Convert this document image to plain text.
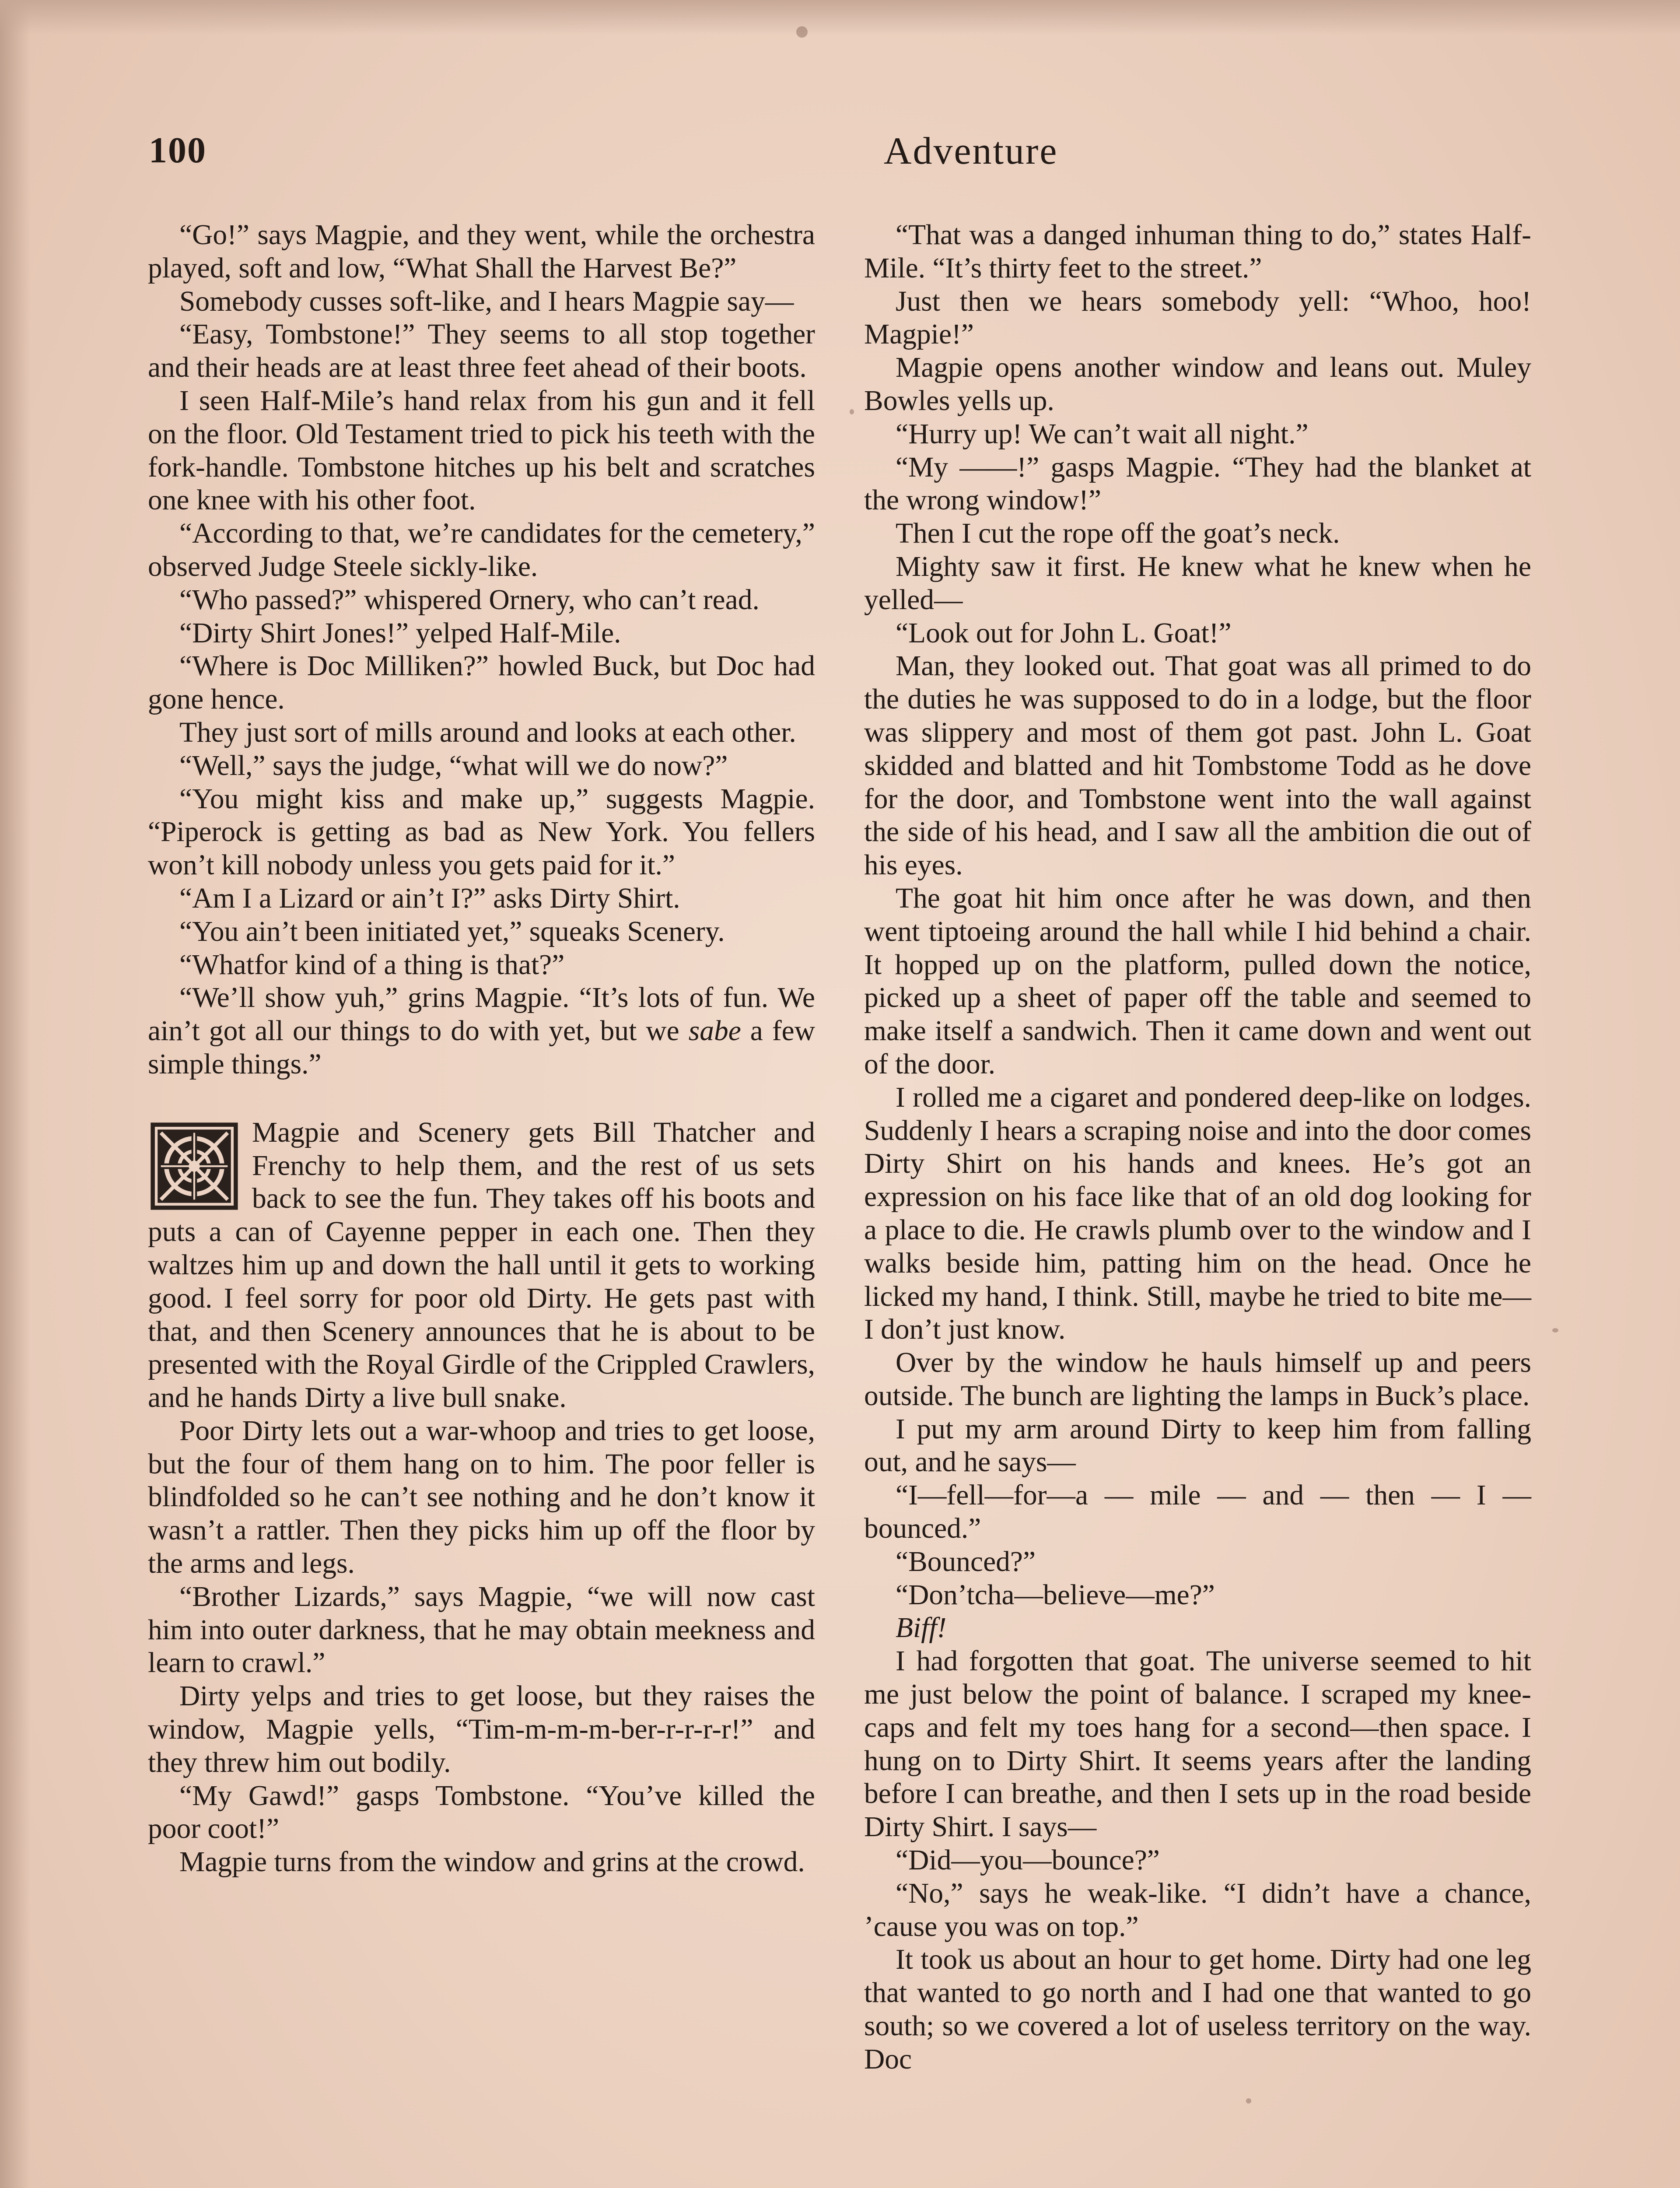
100	Adventure

“Go!” says Magpie, and they went, while the orchestra played, soft and low, “What Shall the Harvest Be?”

Somebody cusses soft-like, and I hears Magpie say—

“Easy, Tombstone!” They seems to all stop together and their heads are at least three feet ahead of their boots.

I seen Half-Mile’s hand relax from his gun and it fell on the floor. Old Testament tried to pick his teeth with the fork-handle. Tombstone hitches up his belt and scratches one knee with his other foot.

“According to that, we’re candidates for the cemetery,” observed Judge Steele sickly-like.

“Who passed?” whispered Ornery, who can’t read.

“Dirty Shirt Jones!” yelped Half-Mile.

“Where is Doc Milliken?” howled Buck, but Doc had gone hence.

They just sort of mills around and looks at each other.

“Well,” says the judge, “what will we do now?”

“You might kiss and make up,” suggests Magpie. “Piperock is getting as bad as New York. You fellers won’t kill nobody unless you gets paid for it.”

“Am I a Lizard or ain’t I?” asks Dirty Shirt.

“You ain’t been initiated yet,” squeaks Scenery.

“Whatfor kind of a thing is that?”

“We’ll show yuh,” grins Magpie. “It’s lots of fun. We ain’t got all our things to do with yet, but we sabe a few simple things.”

Magpie and Scenery gets Bill Thatcher and Frenchy to help them, and the rest of us sets back to see the fun. They takes off his boots and puts a can of Cayenne pepper in each one. Then they waltzes him up and down the hall until it gets to working good. I feel sorry for poor old Dirty. He gets past with that, and then Scenery announces that he is about to be presented with the Royal Girdle of the Crippled Crawlers, and he hands Dirty a live bull snake.

Poor Dirty lets out a war-whoop and tries to get loose, but the four of them hang on to him. The poor feller is blindfolded so he can’t see nothing and he don’t know it wasn’t a rattler. Then they picks him up off the floor by the arms and legs.

“Brother Lizards,” says Magpie, “we will now cast him into outer darkness, that he may obtain meekness and learn to crawl.”

Dirty yelps and tries to get loose, but they raises the window, Magpie yells, “Tim-m-m-m-ber-r-r-r-r!” and they threw him out bodily.

“My Gawd!” gasps Tombstone. “You’ve killed the poor coot!”

Magpie turns from the window and grins at the crowd.

“That was a danged inhuman thing to do,” states Half-Mile. “It’s thirty feet to the street.”

Just then we hears somebody yell: “Whoo, hoo! Magpie!”

Magpie opens another window and leans out. Muley Bowles yells up.

“Hurry up! We can’t wait all night.”

“My ——!” gasps Magpie. “They had the blanket at the wrong window!”

Then I cut the rope off the goat’s neck.

Mighty saw it first. He knew what he knew when he yelled—

“Look out for John L. Goat!”

Man, they looked out. That goat was all primed to do the duties he was supposed to do in a lodge, but the floor was slippery and most of them got past. John L. Goat skidded and blatted and hit Tombstome Todd as he dove for the door, and Tombstone went into the wall against the side of his head, and I saw all the ambition die out of his eyes.

The goat hit him once after he was down, and then went tiptoeing around the hall while I hid behind a chair. It hopped up on the platform, pulled down the notice, picked up a sheet of paper off the table and seemed to make itself a sandwich. Then it came down and went out of the door.

I rolled me a cigaret and pondered deep-like on lodges. Suddenly I hears a scraping noise and into the door comes Dirty Shirt on his hands and knees. He’s got an expression on his face like that of an old dog looking for a place to die. He crawls plumb over to the window and I walks beside him, patting him on the head. Once he licked my hand, I think. Still, maybe he tried to bite me—I don’t just know.

Over by the window he hauls himself up and peers outside. The bunch are lighting the lamps in Buck’s place.

I put my arm around Dirty to keep him from falling out, and he says—

“I—fell—for—a — mile — and — then — I — bounced.”

“Bounced?”

“Don’tcha—believe—me?”

Biff!

I had forgotten that goat. The universe seemed to hit me just below the point of balance. I scraped my knee-caps and felt my toes hang for a second—then space. I hung on to Dirty Shirt. It seems years after the landing before I can breathe, and then I sets up in the road beside Dirty Shirt. I says—

“Did—you—bounce?”

“No,” says he weak-like. “I didn’t have a chance, ’cause you was on top.”

It took us about an hour to get home. Dirty had one leg that wanted to go north and I had one that wanted to go south; so we covered a lot of useless territory on the way. Doc
